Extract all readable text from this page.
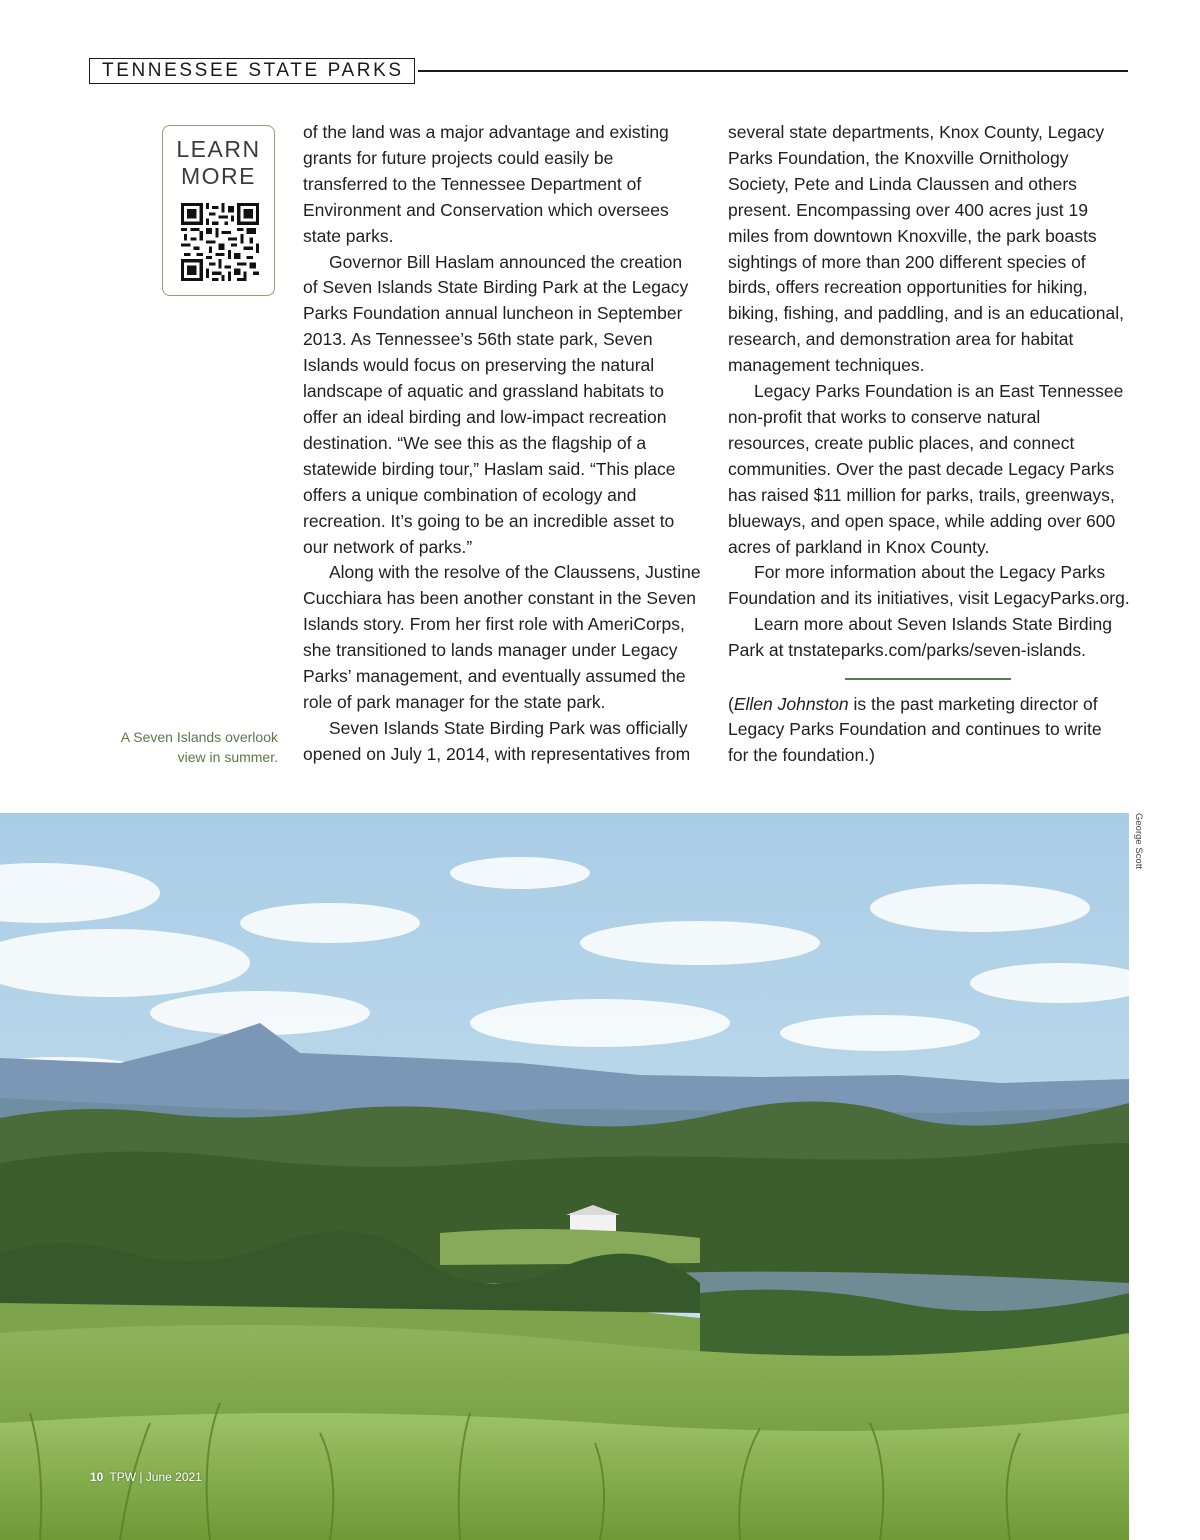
TENNESSEE STATE PARKS
LEARN
MORE
A Seven Islands overlook
view in summer.

of the land was a major advantage and existing

grants for future projects could easily be

transferred to the Tennessee Department of

Environment and Conservation which oversees

state parks.

Governor Bill Haslam announced the creation

of Seven Islands State Birding Park at the Legacy

Parks Foundation annual luncheon in September

2013. As Tennessee’s 56th state park, Seven

Islands would focus on preserving the natural

landscape of aquatic and grassland habitats to

offer an ideal birding and low-impact recreation

destination. “We see this as the flagship of a

statewide birding tour,” Haslam said. “This place

offers a unique combination of ecology and

recreation. It’s going to be an incredible asset to

our network of parks.”

Along with the resolve of the Claussens, Justine

Cucchiara has been another constant in the Seven

Islands story. From her first role with AmeriCorps,

she transitioned to lands manager under Legacy

Parks’ management, and eventually assumed the

role of park manager for the state park.

Seven Islands State Birding Park was officially

opened on July 1, 2014, with representatives from

several state departments, Knox County, Legacy

Parks Foundation, the Knoxville Ornithology

Society, Pete and Linda Claussen and others

present. Encompassing over 400 acres just 19

miles from downtown Knoxville, the park boasts

sightings of more than 200 different species of

birds, offers recreation opportunities for hiking,

biking, fishing, and paddling, and is an educational,

research, and demonstration area for habitat

management techniques.

Legacy Parks Foundation is an East Tennessee

non-profit that works to conserve natural

resources, create public places, and connect

communities. Over the past decade Legacy Parks

has raised $11 million for parks, trails, greenways,

blueways, and open space, while adding over 600

acres of parkland in Knox County.

For more information about the Legacy Parks

Foundation and its initiatives, visit LegacyParks.org.

Learn more about Seven Islands State Birding

Park at tnstateparks.com/parks/seven-islands.

(Ellen Johnston is the past marketing director of

Legacy Parks Foundation and continues to write

for the foundation.)

George Scott
10 TPW | June 2021
